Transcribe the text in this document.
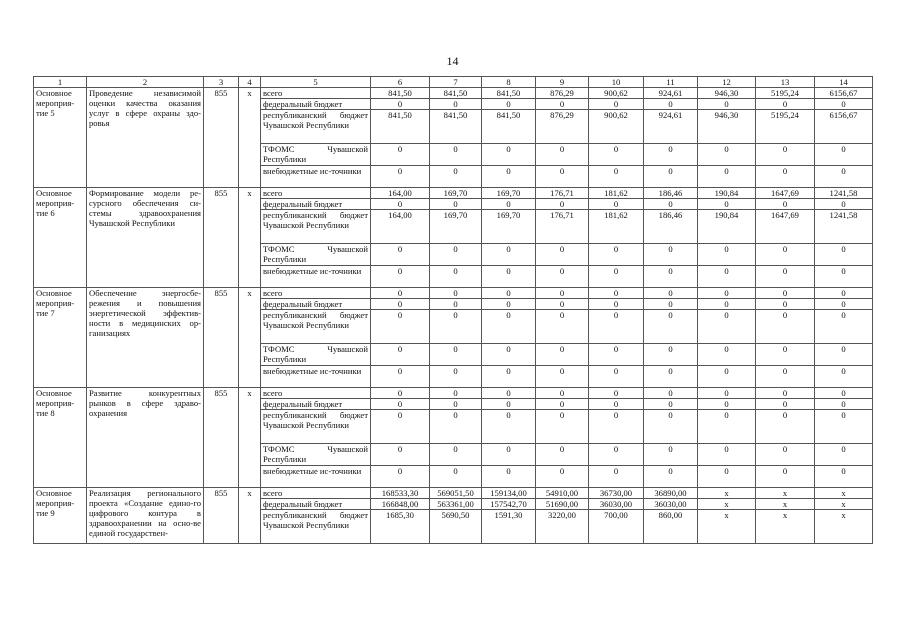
14
1	2	3	4	5	6	7	8	9	10	11	12	13	14
Основное мероприя-тие 5	Проведение независимой оценки качества оказания услуг в сфере охраны здо-ровья	855	x	всего	841,50	841,50	841,50	876,29	900,62	924,61	946,30	5195,24	6156,67
				федеральный бюджет	0	0	0	0	0	0	0	0	0
				республиканский бюджет Чувашской Республики	841,50	841,50	841,50	876,29	900,62	924,61	946,30	5195,24	6156,67
				ТФОМС Чувашской Республики	0	0	0	0	0	0	0	0	0
				внебюджетные ис-точники	0	0	0	0	0	0	0	0	0
Основное мероприя-тие 6	Формирование модели ре-сурсного обеспечения си-стемы здравоохранения Чувашской Республики	855	x	всего	164,00	169,70	169,70	176,71	181,62	186,46	190,84	1647,69	1241,58
				федеральный бюджет	0	0	0	0	0	0	0	0	0
				республиканский бюджет Чувашской Республики	164,00	169,70	169,70	176,71	181,62	186,46	190,84	1647,69	1241,58
				ТФОМС Чувашской Республики	0	0	0	0	0	0	0	0	0
				внебюджетные ис-точники	0	0	0	0	0	0	0	0	0
Основное мероприя-тие 7	Обеспечение энергосбе-режения и повышения энергетической эффектив-ности в медицинских ор-ганизациях	855	x	всего	0	0	0	0	0	0	0	0	0
				федеральный бюджет	0	0	0	0	0	0	0	0	0
				республиканский бюджет Чувашской Республики	0	0	0	0	0	0	0	0	0
				ТФОМС Чувашской Республики	0	0	0	0	0	0	0	0	0
				внебюджетные ис-точники	0	0	0	0	0	0	0	0	0
Основное мероприя-тие 8	Развитие конкурентных рынков в сфере здраво-охранения	855	x	всего	0	0	0	0	0	0	0	0	0
				федеральный бюджет	0	0	0	0	0	0	0	0	0
				республиканский бюджет Чувашской Республики	0	0	0	0	0	0	0	0	0
				ТФОМС Чувашской Республики	0	0	0	0	0	0	0	0	0
				внебюджетные ис-точники	0	0	0	0	0	0	0	0	0
Основное мероприя-тие 9	Реализация регионального проекта «Создание едино-го цифрового контура в здравоохранении на осно-ве единой государствен-	855	x	всего	168533,30	569051,50	159134,00	54910,00	36730,00	36890,00	x	x	x
				федеральный бюджет	166848,00	563361,00	157542,70	51690,00	36030,00	36030,00	x	x	x
				республиканский бюджет Чувашской Республики	1685,30	5690,50	1591,30	3220,00	700,00	860,00	x	x	x
